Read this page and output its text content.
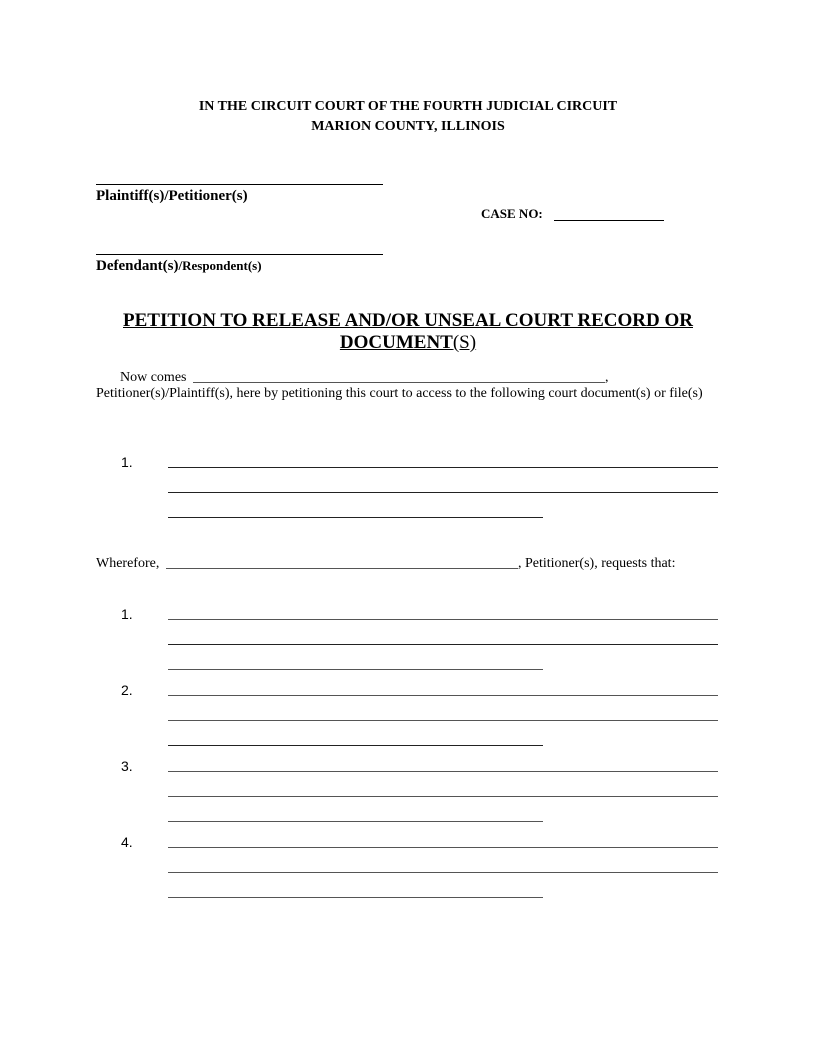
IN THE CIRCUIT COURT OF THE FOURTH JUDICIAL CIRCUIT
MARION COUNTY, ILLINOIS
Plaintiff(s)/Petitioner(s)
CASE NO:
Defendant(s)/Respondent(s)
PETITION TO RELEASE AND/OR UNSEAL COURT RECORD OR
DOCUMENT(S)
Now comes	,
Petitioner(s)/Plaintiff(s), here by petitioning this court to access to the following court document(s) or file(s)
1.
Wherefore,	, Petitioner(s), requests that:
1.
2.
3.
4.
